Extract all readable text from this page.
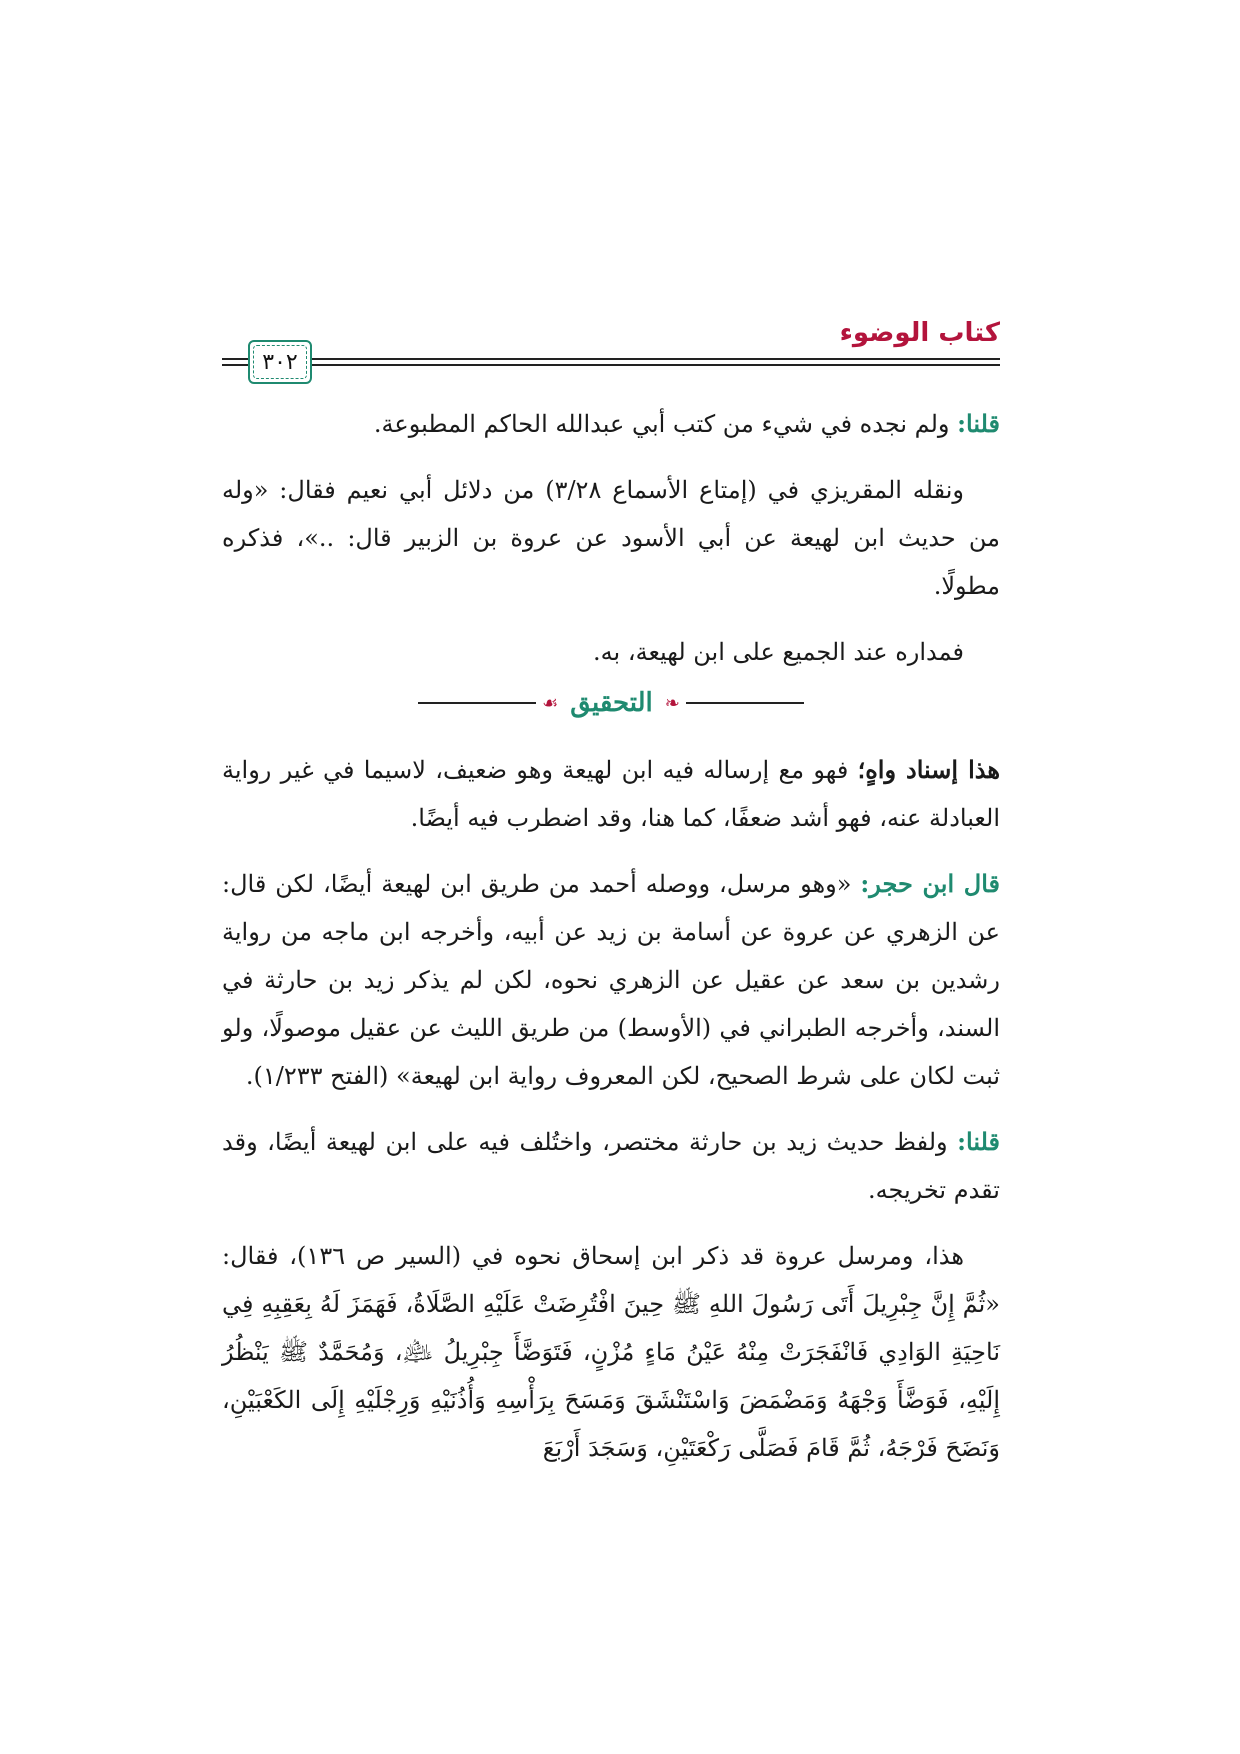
كتاب الوضوء
٣٠٢

قلنا: ولم نجده في شيء من كتب أبي عبدالله الحاكم المطبوعة.

ونقله المقريزي في (إمتاع الأسماع ٣/٢٨) من دلائل أبي نعيم فقال: «وله من حديث ابن لهيعة عن أبي الأسود عن عروة بن الزبير قال: ..»، فذكره مطولًا.

فمداره عند الجميع على ابن لهيعة، به.

❧
التحقيق
☙

هذا إسناد واهٍ؛ فهو مع إرساله فيه ابن لهيعة وهو ضعيف، لاسيما في غير رواية العبادلة عنه، فهو أشد ضعفًا، كما هنا، وقد اضطرب فيه أيضًا.

قال ابن حجر: «وهو مرسل، ووصله أحمد من طريق ابن لهيعة أيضًا، لكن قال: عن الزهري عن عروة عن أسامة بن زيد عن أبيه، وأخرجه ابن ماجه من رواية رشدين بن سعد عن عقيل عن الزهري نحوه، لكن لم يذكر زيد بن حارثة في السند، وأخرجه الطبراني في (الأوسط) من طريق الليث عن عقيل موصولًا، ولو ثبت لكان على شرط الصحيح، لكن المعروف رواية ابن لهيعة» (الفتح ١/٢٣٣).

قلنا: ولفظ حديث زيد بن حارثة مختصر، واختُلف فيه على ابن لهيعة أيضًا، وقد تقدم تخريجه.

هذا، ومرسل عروة قد ذكر ابن إسحاق نحوه في (السير ص ١٣٦)، فقال: «ثُمَّ إِنَّ جِبْرِيلَ أَتَى رَسُولَ اللهِ ﷺ حِينَ افْتُرِضَتْ عَلَيْهِ الصَّلَاةُ، فَهَمَزَ لَهُ بِعَقِبِهِ فِي نَاحِيَةِ الوَادِي فَانْفَجَرَتْ مِنْهُ عَيْنُ مَاءٍ مُزْنٍ، فَتَوَضَّأَ جِبْرِيلُ ﵇، وَمُحَمَّدٌ ﷺ يَنْظُرُ إِلَيْهِ، فَوَضَّأَ وَجْهَهُ وَمَضْمَضَ وَاسْتَنْشَقَ وَمَسَحَ بِرَأْسِهِ وَأُذُنَيْهِ وَرِجْلَيْهِ إِلَى الكَعْبَيْنِ، وَنَضَحَ فَرْجَهُ، ثُمَّ قَامَ فَصَلَّى رَكْعَتَيْنِ، وَسَجَدَ أَرْبَعَ
